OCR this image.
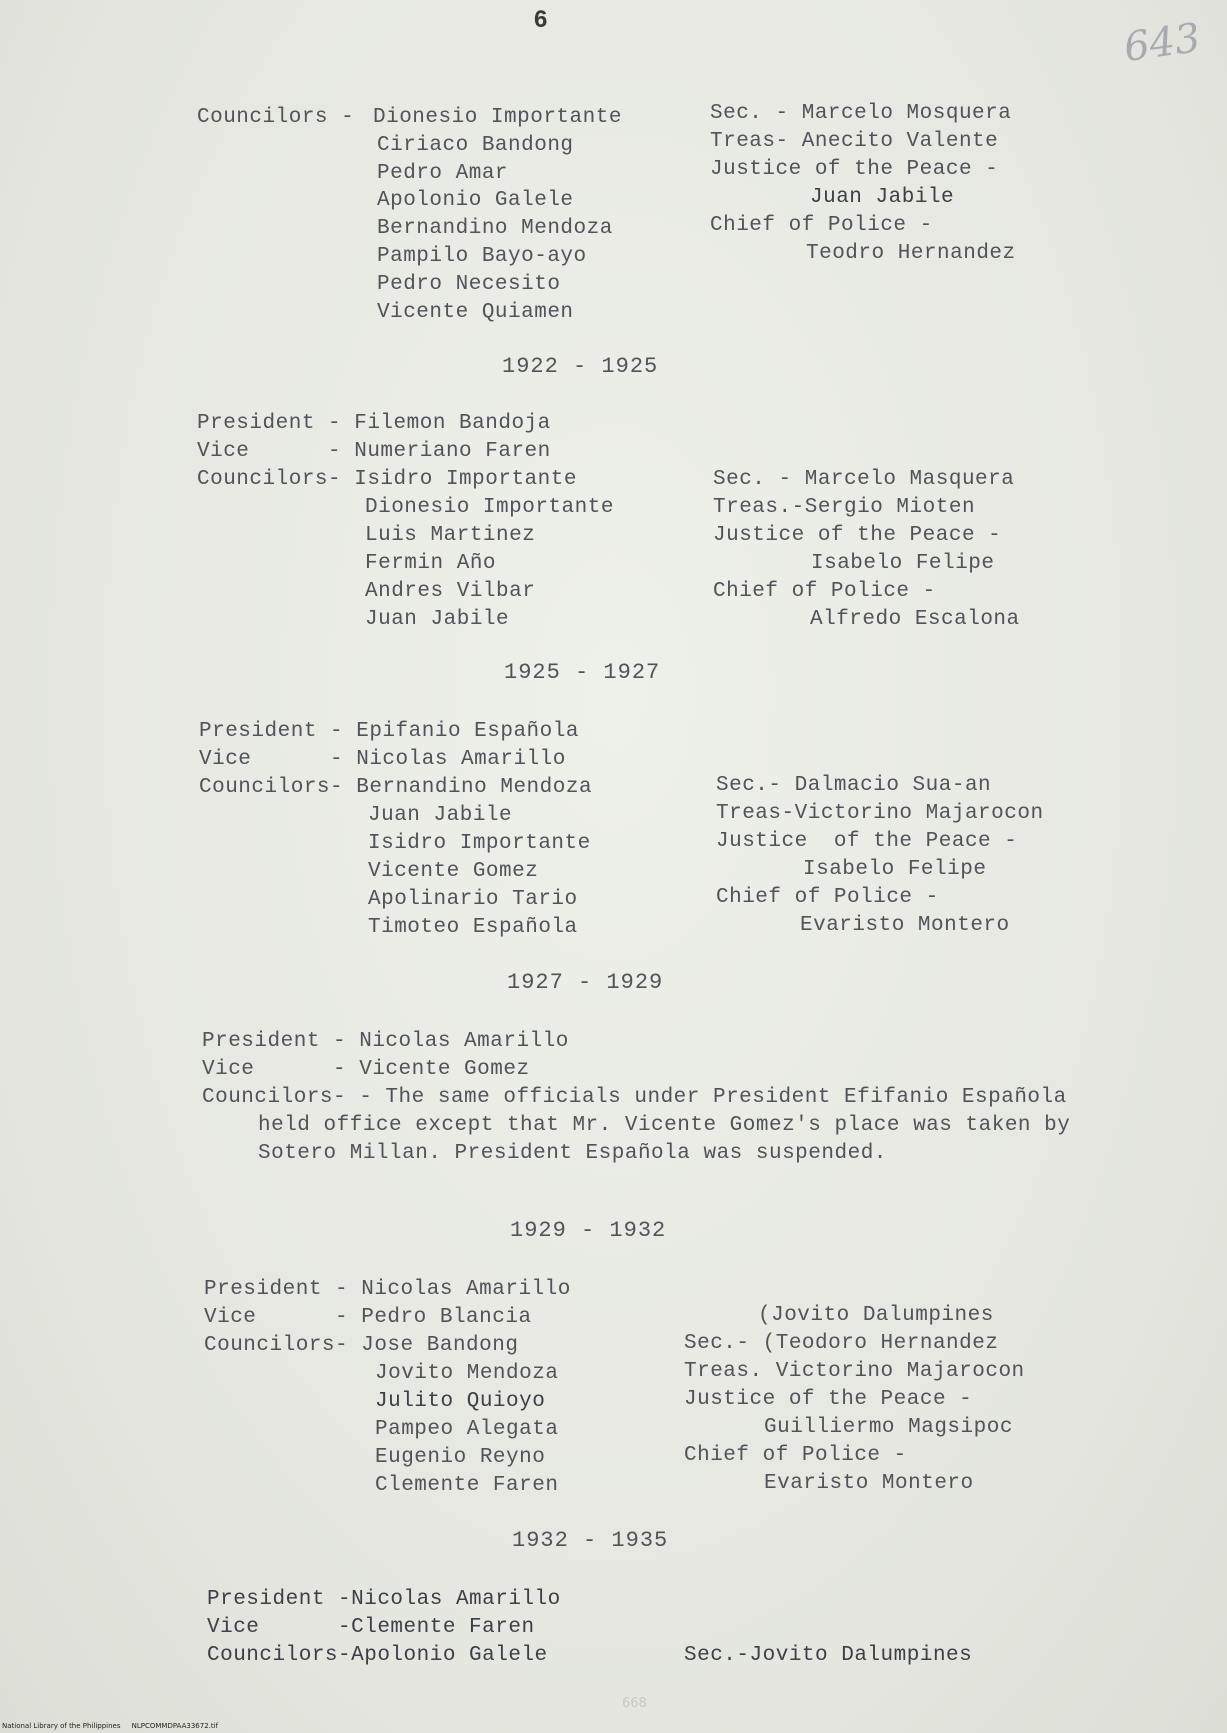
6	643
Councilors - Dionesio Importante
Ciriaco Bandong
Pedro Amar
Apolonio Galele
Bernandino Mendoza
Pampilo Bayo-ayo
Pedro Necesito
Vicente Quiamen
Sec. - Marcelo Mosquera
Treas- Anecito Valente
Justice of the Peace -
Juan Jabile
Chief of Police -
Teodro Hernandez
1922 - 1925
President - Filemon Bandoja
Vice      - Numeriano Faren
Councilors- Isidro Importante
Dionesio Importante
Luis Martinez
Fermin Año
Andres Vilbar
Juan Jabile
Sec. - Marcelo Masquera
Treas.-Sergio Mioten
Justice of the Peace -
Isabelo Felipe
Chief of Police -
Alfredo Escalona
1925 - 1927
President - Epifanio Española
Vice      - Nicolas Amarillo
Councilors- Bernandino Mendoza
Juan Jabile
Isidro Importante
Vicente Gomez
Apolinario Tario
Timoteo Española
Sec.- Dalmacio Sua-an
Treas-Victorino Majarocon
Justice  of the Peace -
Isabelo Felipe
Chief of Police -
Evaristo Montero
1927 - 1929
President - Nicolas Amarillo
Vice      - Vicente Gomez
Councilors- - The same officials under President Efifanio Española held office except that Mr. Vicente Gomez's place was taken by Sotero Millan. President Española was suspended.
1929 - 1932
President - Nicolas Amarillo
Vice      - Pedro Blancia
Councilors- Jose Bandong
Jovito Mendoza
Julito Quioyo
Pampeo Alegata
Eugenio Reyno
Clemente Faren
(Jovito Dalumpines
Sec.- (Teodoro Hernandez
Treas. Victorino Majarocon
Justice of the Peace -
Guilliermo Magsipoc
Chief of Police -
Evaristo Montero
1932 - 1935
President -Nicolas Amarillo
Vice      -Clemente Faren
Councilors-Apolonio Galele	Sec.-Jovito Dalumpines
668
National Library of the Philippines     NLPCOMMDPAA33672.tif
